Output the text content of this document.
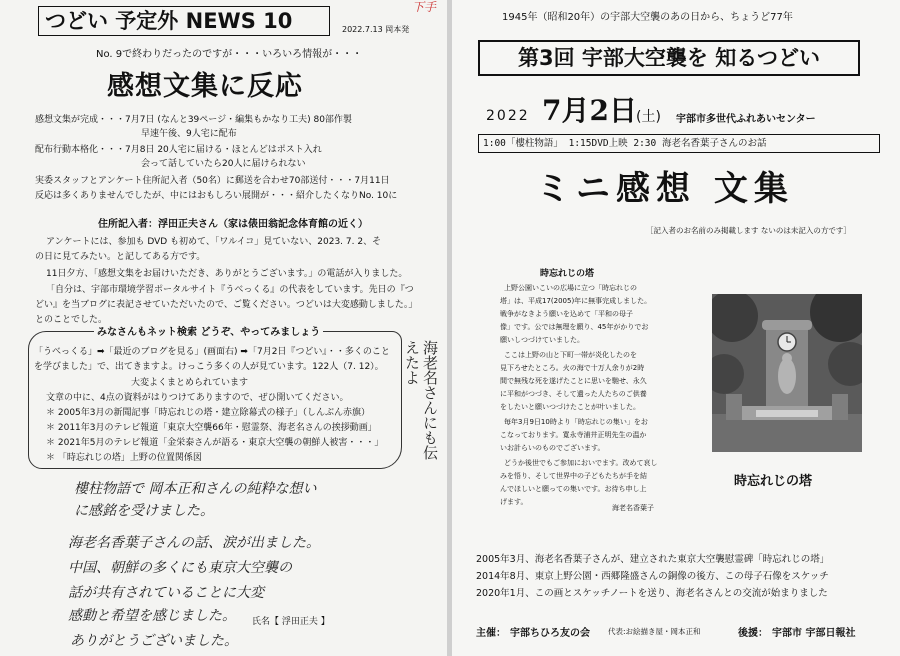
つどい 予定外 NEWS 10	2022.7.13 岡本発
下手
No. 9で終わりだったのですが・・・いろいろ情報が・・・
感想文集に反応
感想文集が完成・・・7月7日 (なんと39ページ・編集もかなり工夫) 80部作製
早速午後、9人宅に配布
配布行動本格化・・・7月8日 20人宅に届ける・ほとんどはポスト入れ
会って話していたら20人に届けられない
実委スタッフとアンケート住所記入者（50名）に郵送を合わせ70部送付・・・7月11日
反応は多くありませんでしたが、中にはおもしろい展開が・・・紹介したくなりNo. 10に
住所記入者：浮田正夫さん（家は俵田翁記念体育館の近く）
アンケートには、参加も DVD も初めて、「ワルイコ」見ていない、2023. 7. 2、そ
の日に見てみたい。と記してある方です。
11日夕方、「感想文集をお届けいただき、ありがとうございます。」の電話が入りました。
「自分は、宇部市環境学習ポータルサイト『うべっくる』の代表をしています。先日の『つ
どい』を当ブログに表記させていただいたので、ご覧ください。つどいは大変感動しました。」
とのことでした。
みなさんもネット検索 どうぞ、やってみましょう
「うべっくる」➡「最近のブログを見る」(画面右) ➡「7月2日『つどい』・・多くのことを学びました」で、出てきますよ。けっこう多くの人が見ています。122人（7. 12）。
大変よくまとめられています
文章の中に、4点の資料がはりつけてありますので、ぜひ開いてください。
＊ 2005年3月の新聞記事「時忘れじの塔・建立除幕式の様子」（しんぶん赤旗）
＊ 2011年3月のテレビ報道「東京大空襲66年・慰霊祭、海老名さんの挨拶動画」
＊ 2021年5月のテレビ報道「金栄泰さんが語る・東京大空襲の朝鮮人被害・・・」
＊ 「時忘れじの塔」上野の位置関係図	海老名さんにも伝えたよ
樓柱物語で 岡本正和さんの純粋な想い
に感銘を受けました。
海老名香葉子さんの話、涙が出ました。
中国、朝鮮の多くにも東京大空襲の
話が共有されていることに大変
感動と希望を感じました。
ありがとうございました。
氏名【 浮田正夫 】
1945年（昭和20年）の宇部大空襲のあの日から、ちょうど77年
第3回 宇部大空襲を 知るつどい
2022 7月2日 (土) 宇部市多世代ふれあいセンター
1:00「樓柱物語」 1:15DVD上映 2:30 海老名香葉子さんのお話
ミニ感想 文集
［記入者のお名前のみ掲載します ないのは未記入の方です］
時忘れじの塔
上野公園いこいの広場に立つ「時忘れじの
塔」は、平成17(2005)年に無事完成しました。
戦争がなきよう願いを込めて「平和の母子
像」です。公では無理を願り、45年がかりでお
願いしつづけていました。
ここは上野の山と下町一帯が炎化したのを
見下ろせたところ。火の海で十万人余りが2時
間で無残な死を遂げたことに思いを馳せ、永久
に平和がつづき、そして遺った人たちのご供養
をしたいと願いつづけたことが叶いました。
毎年3月9日10時より「時忘れじの集い」をお
こなっております。寛永寺浦井正明先生の温か
いお計らいのものでございます。
どうか後世でもご参加においでます。改めて哀し
みを悟り、そして世界中の子どもたちが手を結
んでほしいと願っての集いです。お待ち申し上
げます。
海老名香葉子
時忘れじの塔
2005年3月、海老名香葉子さんが、建立された東京大空襲慰霊碑「時忘れじの塔」
2014年8月、東京上野公園・西郷隆盛さんの銅像の後方、この母子石像をスケッチ
2020年1月、この画とスケッチノートを送り、海老名さんとの交流が始まりました
主催： 宇部ちひろ友の会 代表:お絵描き屋・岡本正和	後援： 宇部市 宇部日報社
